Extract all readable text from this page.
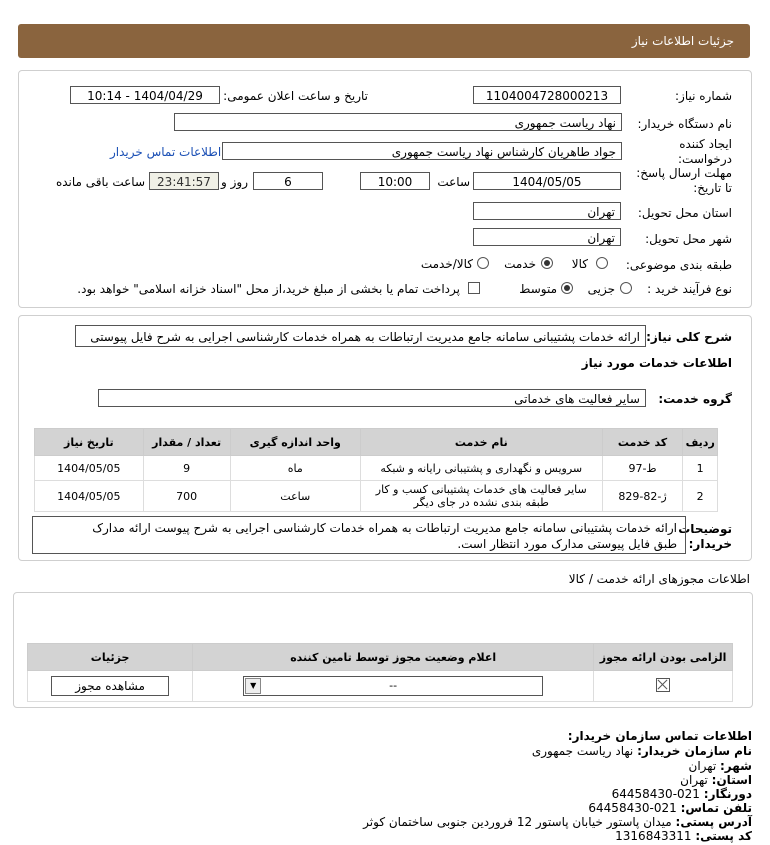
جزئیات اطلاعات نیاز
شماره نیاز:
1104004728000213
تاریخ و ساعت اعلان عمومی:
1404/04/29 - 10:14
نام دستگاه خریدار:
نهاد ریاست جمهوری
ایجاد کننده
درخواست:
جواد طاهریان کارشناس نهاد ریاست جمهوری
اطلاعات تماس خریدار
مهلت ارسال پاسخ:
تا تاریخ:
1404/05/05
ساعت
10:00
6
روز و
23:41:57
ساعت باقی مانده
استان محل تحویل:
تهران
شهر محل تحویل:
تهران
طبقه بندی موضوعی:
کالا
خدمت
کالا/خدمت
نوع فرآیند خرید :
جزیی
متوسط
پرداخت تمام یا بخشی از مبلغ خرید،از محل "اسناد خزانه اسلامی" خواهد بود.
شرح کلی نیاز:
ارائه خدمات پشتیبانی سامانه جامع مدیریت ارتباطات به همراه خدمات کارشناسی اجرایی به شرح فایل پیوستی
اطلاعات خدمات مورد نیاز
گروه خدمت:
سایر فعالیت های خدماتی
ردیف	کد خدمت	نام خدمت	واحد اندازه گیری	تعداد / مقدار	تاریخ نیاز
1	ط-97	سرویس و نگهداری و پشتیبانی رایانه و شبکه	ماه	9	1404/05/05
2	ژ-82-829	سایر فعالیت های خدمات پشتیبانی کسب و کار طبقه بندی نشده در جای دیگر	ساعت	700	1404/05/05
توضیحات
خریدار:
ارائه خدمات پشتیبانی سامانه جامع مدیریت ارتباطات به همراه خدمات کارشناسی اجرایی به شرح پیوست ارائه مدارک
طبق فایل پیوستی مدارک مورد انتظار است.
اطلاعات مجوزهای ارائه خدمت / کالا
الزامی بودن ارائه مجوز	اعلام وضعیت مجوز توسط تامین کننده	جزئیات

	▼ --	مشاهده مجوز
اطلاعات تماس سازمان خریدار:
نام سازمان خریدار: نهاد ریاست جمهوری
شهر: تهران
استان: تهران
دورنگار: 021-64458430
تلفن تماس: 021-64458430
آدرس پستی: میدان پاستور خیابان پاستور 12 فروردین جنوبی ساختمان کوثر
کد پستی: 1316843311
